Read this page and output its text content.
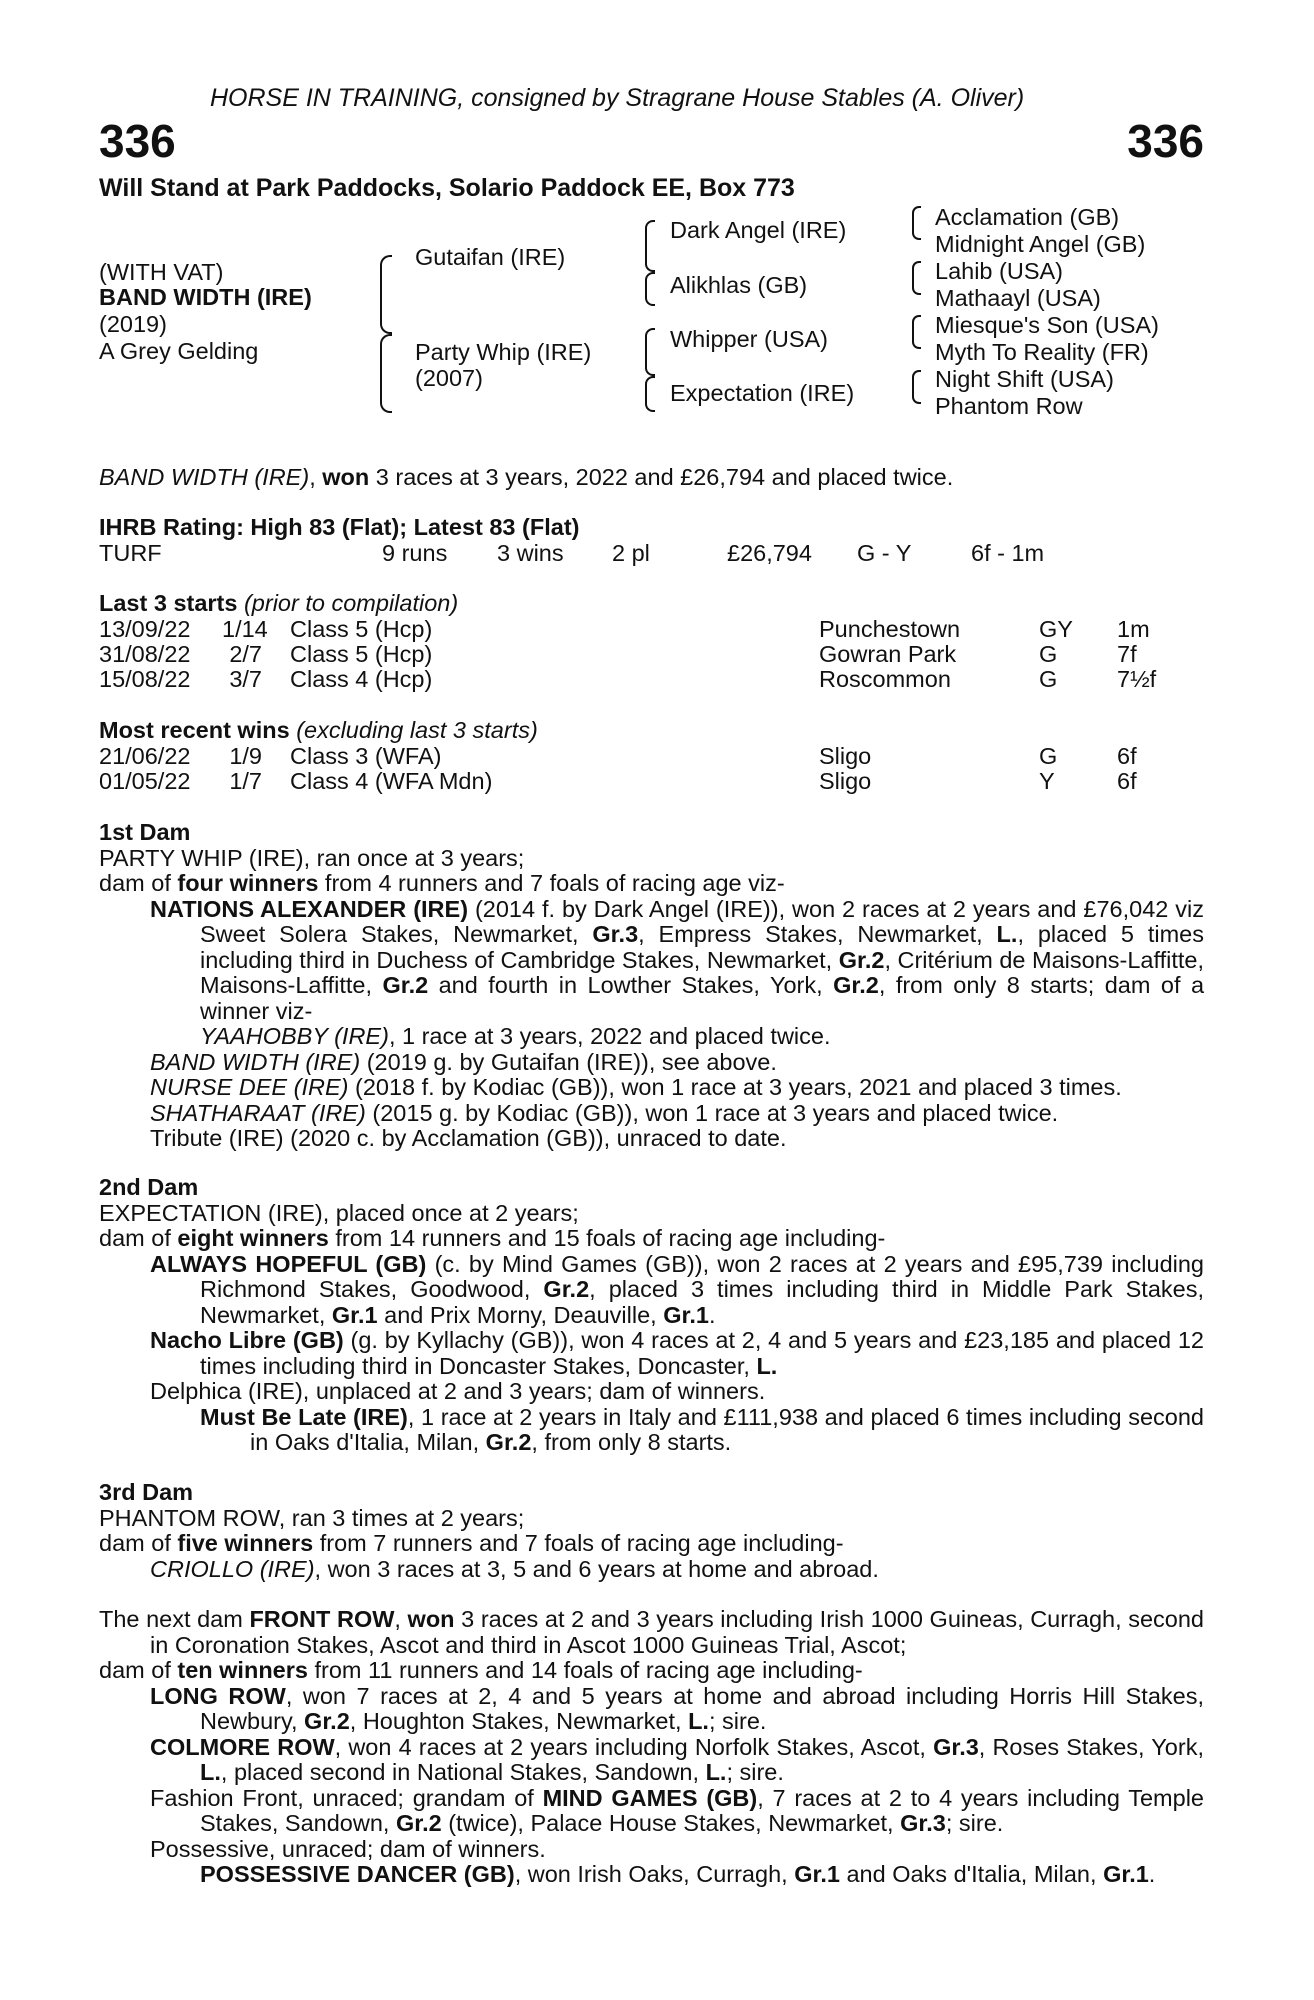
HORSE IN TRAINING, consigned by Stragrane House Stables (A. Oliver)
336	336
Will Stand at Park Paddocks, Solario Paddock EE, Box 773
(WITH VAT)
BAND WIDTH (IRE)
(2019)
A Grey Gelding
Gutaifan (IRE)
Party Whip (IRE)
(2007)
Dark Angel (IRE)
Alikhlas (GB)
Whipper (USA)
Expectation (IRE)
Acclamation (GB)
Midnight Angel (GB)
Lahib (USA)
Mathaayl (USA)
Miesque's Son (USA)
Myth To Reality (FR)
Night Shift (USA)
Phantom Row
BAND WIDTH (IRE), won 3 races at 3 years, 2022 and £26,794 and placed twice.
IHRB Rating: High 83 (Flat); Latest 83 (Flat)
TURF	9 runs 3 wins 2 pl	£26,794 G - Y	6f - 1m
Last 3 starts (prior to compilation)
13/09/22 1/14 Class 5 (Hcp)	Punchestown	GY 1m
31/08/22	2/7 Class 5 (Hcp)	Gowran Park	G	7f
15/08/22	3/7 Class 4 (Hcp)	Roscommon	G	7½f
Most recent wins (excluding last 3 starts)
21/06/22	1/9 Class 3 (WFA)	Sligo	G	6f
01/05/22	1/7 Class 4 (WFA Mdn)	Sligo	Y	6f

1st Dam

PARTY WHIP (IRE), ran once at 3 years;

dam of four winners from 4 runners and 7 foals of racing age viz-

NATIONS ALEXANDER (IRE) (2014 f. by Dark Angel (IRE)), won 2 races at 2 years and £76,042 viz Sweet Solera Stakes, Newmarket, Gr.3, Empress Stakes, Newmarket, L., placed 5 times including third in Duchess of Cambridge Stakes, Newmarket, Gr.2, Critérium de Maisons-Laffitte, Maisons-Laffitte, Gr.2 and fourth in Lowther Stakes, York, Gr.2, from only 8 starts; dam of a winner viz-

YAAHOBBY (IRE), 1 race at 3 years, 2022 and placed twice.

BAND WIDTH (IRE) (2019 g. by Gutaifan (IRE)), see above.

NURSE DEE (IRE) (2018 f. by Kodiac (GB)), won 1 race at 3 years, 2021 and placed 3 times.

SHATHARAAT (IRE) (2015 g. by Kodiac (GB)), won 1 race at 3 years and placed twice.

Tribute (IRE) (2020 c. by Acclamation (GB)), unraced to date.

2nd Dam

EXPECTATION (IRE), placed once at 2 years;

dam of eight winners from 14 runners and 15 foals of racing age including-

ALWAYS HOPEFUL (GB) (c. by Mind Games (GB)), won 2 races at 2 years and £95,739 including Richmond Stakes, Goodwood, Gr.2, placed 3 times including third in Middle Park Stakes, Newmarket, Gr.1 and Prix Morny, Deauville, Gr.1.

Nacho Libre (GB) (g. by Kyllachy (GB)), won 4 races at 2, 4 and 5 years and £23,185 and placed 12 times including third in Doncaster Stakes, Doncaster, L.

Delphica (IRE), unplaced at 2 and 3 years; dam of winners.

Must Be Late (IRE), 1 race at 2 years in Italy and £111,938 and placed 6 times including second in Oaks d'Italia, Milan, Gr.2, from only 8 starts.

3rd Dam

PHANTOM ROW, ran 3 times at 2 years;

dam of five winners from 7 runners and 7 foals of racing age including-

CRIOLLO (IRE), won 3 races at 3, 5 and 6 years at home and abroad.

The next dam FRONT ROW, won 3 races at 2 and 3 years including Irish 1000 Guineas, Curragh, second in Coronation Stakes, Ascot and third in Ascot 1000 Guineas Trial, Ascot;

dam of ten winners from 11 runners and 14 foals of racing age including-

LONG ROW, won 7 races at 2, 4 and 5 years at home and abroad including Horris Hill Stakes, Newbury, Gr.2, Houghton Stakes, Newmarket, L.; sire.

COLMORE ROW, won 4 races at 2 years including Norfolk Stakes, Ascot, Gr.3, Roses Stakes, York, L., placed second in National Stakes, Sandown, L.; sire.

Fashion Front, unraced; grandam of MIND GAMES (GB), 7 races at 2 to 4 years including Temple Stakes, Sandown, Gr.2 (twice), Palace House Stakes, Newmarket, Gr.3; sire.

Possessive, unraced; dam of winners.

POSSESSIVE DANCER (GB), won Irish Oaks, Curragh, Gr.1 and Oaks d'Italia, Milan, Gr.1.
